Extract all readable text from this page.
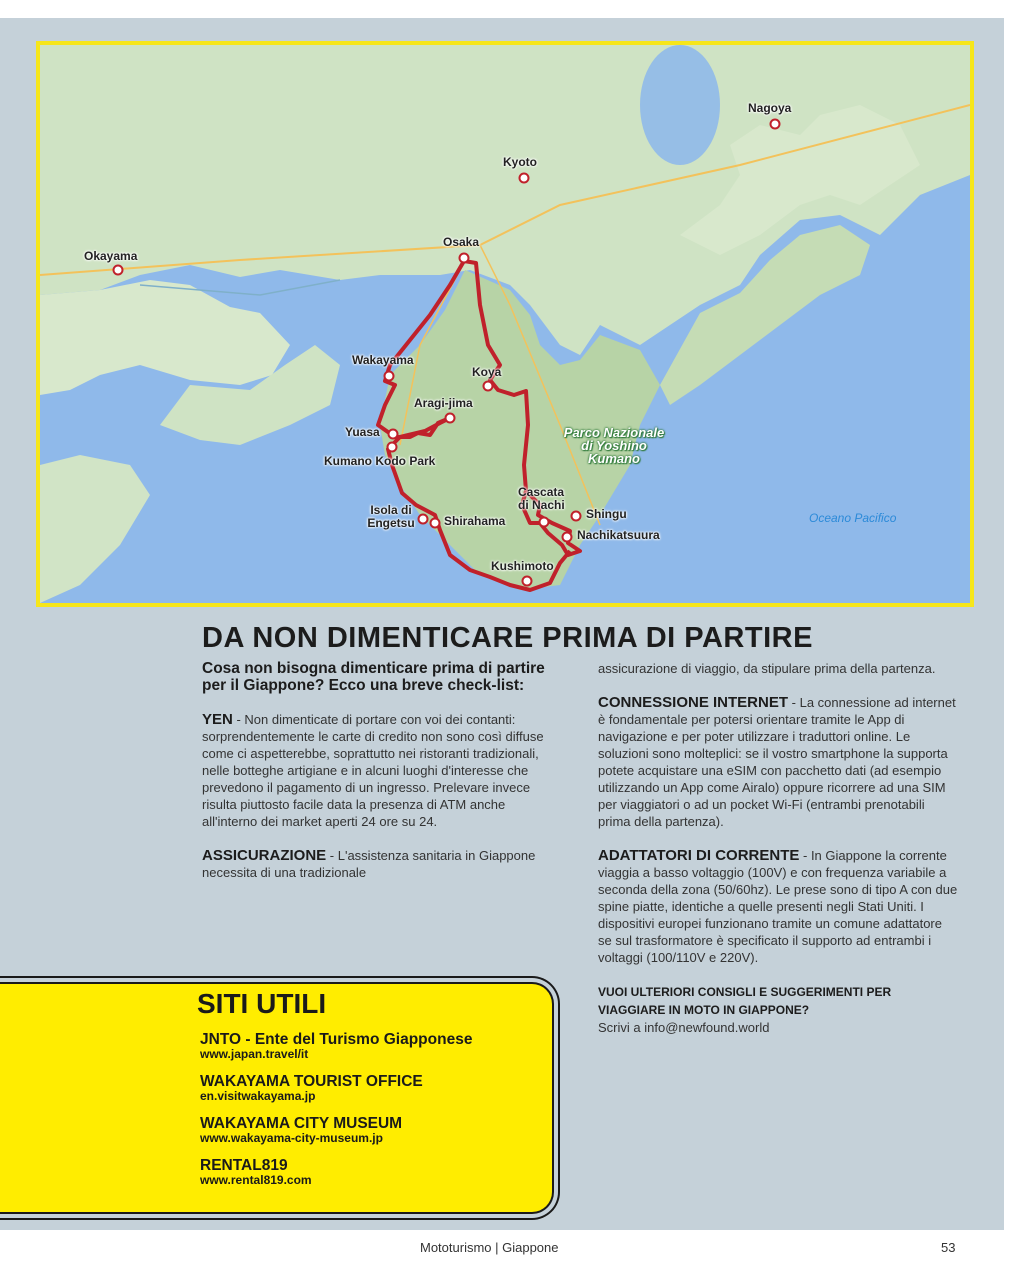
Nagoya
Kyoto
Okayama
Osaka
Wakayama
Koya
Aragi-jima
Yuasa
Kumano Kodo Park
Cascata di Nachi
Isola di Engetsu	Shirahama	Shingu
Nachikatsuura
Kushimoto
Parco Nazionale di Yoshino Kumano
Oceano Pacifico
DA NON DIMENTICARE PRIMA DI PARTIRE

Cosa non bisogna dimenticare prima di partire per il Giappone? Ecco una breve check-list:

YEN - Non dimenticate di portare con voi dei contanti: sorprendentemente le carte di credito non sono così diffuse come ci aspetterebbe, soprattutto nei ristoranti tradizionali, nelle botteghe artigiane e in alcuni luoghi d'interesse che prevedono il pagamento di un ingresso. Prelevare invece risulta piuttosto facile data la presenza di ATM anche all'interno dei market aperti 24 ore su 24.

ASSICURAZIONE - L'assistenza sanitaria in Giappone necessita di una tradizionale

assicurazione di viaggio, da stipulare prima della partenza.

CONNESSIONE INTERNET - La connessione ad internet è fondamentale per potersi orientare tramite le App di navigazione e per poter utilizzare i traduttori online. Le soluzioni sono molteplici: se il vostro smartphone la supporta potete acquistare una eSIM con pacchetto dati (ad esempio utilizzando un App come Airalo) oppure ricorrere ad una SIM per viaggiatori o ad un pocket Wi-Fi (entrambi prenotabili prima della partenza).

ADATTATORI DI CORRENTE - In Giappone la corrente viaggia a basso voltaggio (100V) e con frequenza variabile a seconda della zona (50/60hz). Le prese sono di tipo A con due spine piatte, identiche a quelle presenti negli Stati Uniti. I dispositivi europei funzionano tramite un comune adattatore se sul trasformatore è specificato il supporto ad entrambi i voltaggi (100/110V e 220V).

VUOI ULTERIORI CONSIGLI E SUGGERIMENTI PER VIAGGIARE IN MOTO IN GIAPPONE?
Scrivi a info@newfound.world

SITI UTILI
JNTO - Ente del Turismo Giapponese
www.japan.travel/it
WAKAYAMA TOURIST OFFICE
en.visitwakayama.jp
WAKAYAMA CITY MUSEUM
www.wakayama-city-museum.jp
RENTAL819
www.rental819.com
Mototurismo | Giappone	53
